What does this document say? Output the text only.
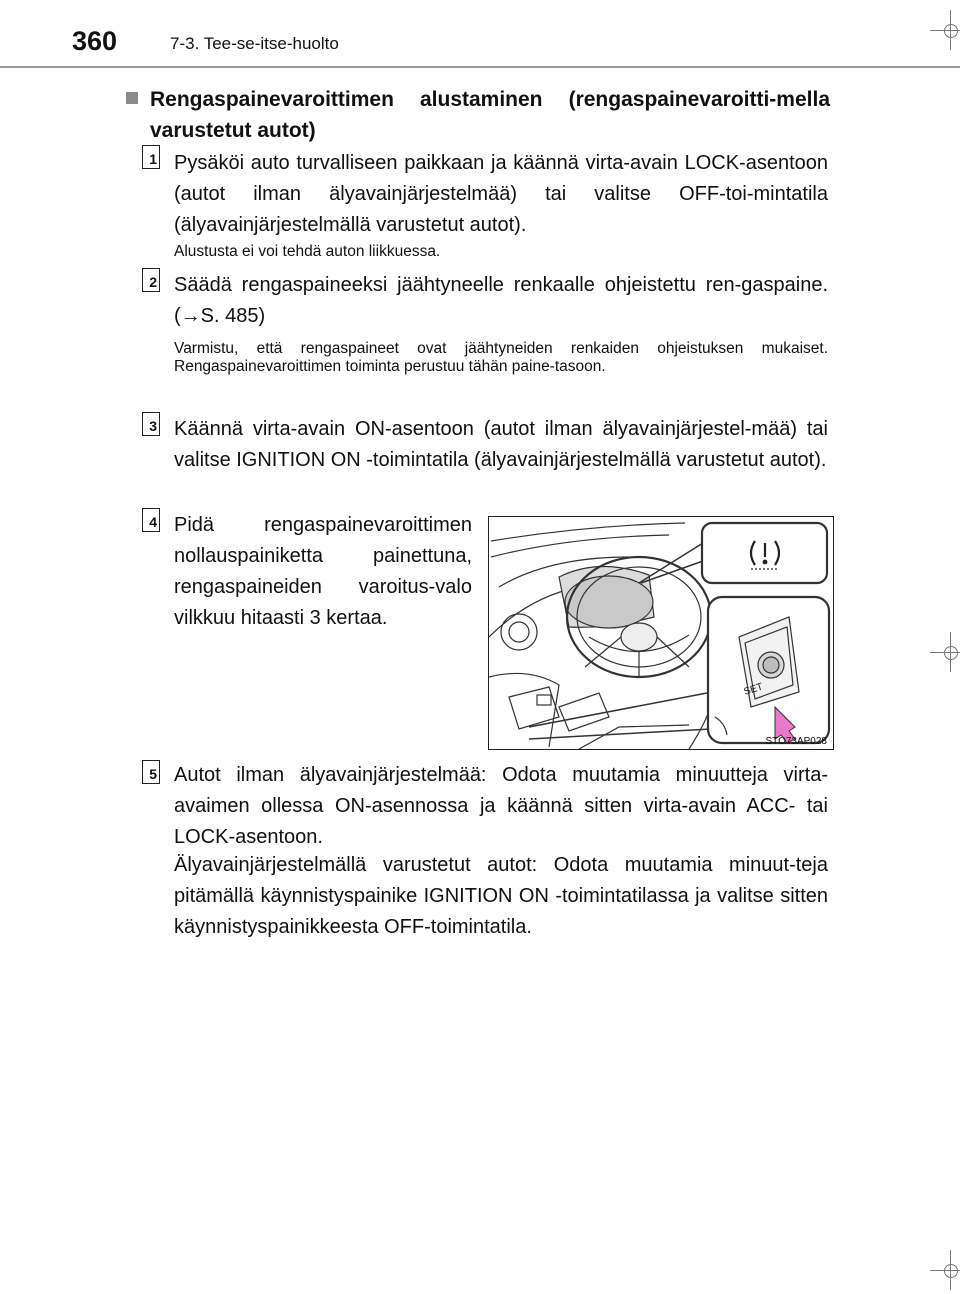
360	7-3. Tee-se-itse-huolto
Rengaspainevaroittimen alustaminen (rengaspainevaroitti-mella varustetut autot)
1 Pysäköi auto turvalliseen paikkaan ja käännä virta-avain LOCK-asentoon (autot ilman älyavainjärjestelmää) tai valitse OFF-toi-mintatila (älyavainjärjestelmällä varustetut autot).
Alustusta ei voi tehdä auton liikkuessa.
2 Säädä rengaspaineeksi jäähtyneelle renkaalle ohjeistettu ren-gaspaine. (→S. 485)
Varmistu, että rengaspaineet ovat jäähtyneiden renkaiden ohjeistuksen mukaiset. Rengaspainevaroittimen toiminta perustuu tähän paine-tasoon.
3 Käännä virta-avain ON-asentoon (autot ilman älyavainjärjestel-mää) tai valitse IGNITION ON -toimintatila (älyavainjärjestelmällä varustetut autot).
4 Pidä rengaspainevaroittimen nollauspainiketta painettuna, rengaspaineiden varoitus-valo vilkkuu hitaasti 3 kertaa.
SET
STO73AP028
5 Autot ilman älyavainjärjestelmää: Odota muutamia minuutteja virta-avaimen ollessa ON-asennossa ja käännä sitten virta-avain ACC- tai LOCK-asentoon.
Älyavainjärjestelmällä varustetut autot: Odota muutamia minuut-teja pitämällä käynnistyspainike IGNITION ON -toimintatilassa ja valitse sitten käynnistyspainikkeesta OFF-toimintatila.
